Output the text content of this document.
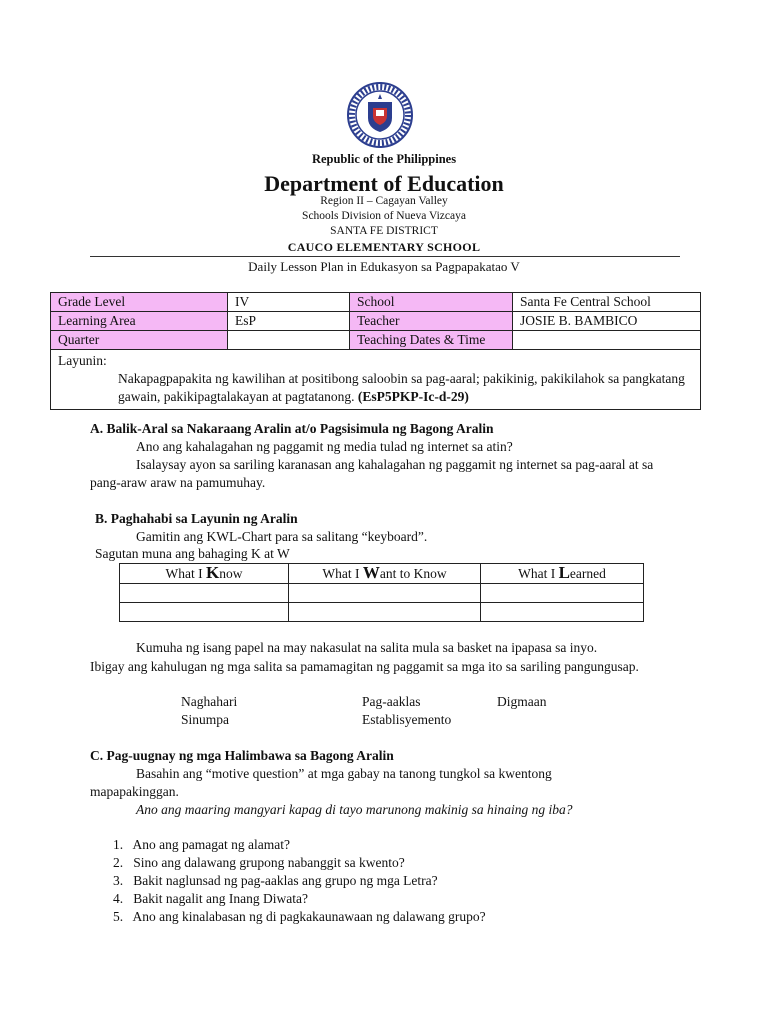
Republic of the Philippines
Department of Education
Region II – Cagayan Valley
Schools Division of Nueva Vizcaya
SANTA FE DISTRICT
CAUCO ELEMENTARY SCHOOL
Daily Lesson Plan in Edukasyon sa Pagpapakatao V
Grade Level	IV	School	Santa Fe Central School
Learning Area	EsP	Teacher	JOSIE B. BAMBICO
Quarter		Teaching Dates & Time	

Layunin:
Nakapagpapakita ng kawilihan at positibong saloobin sa pag-aaral; pakikinig, pakikilahok sa pangkatang gawain, pakikipagtalakayan at pagtatanong. (EsP5PKP-Ic-d-29)			
A. Balik-Aral sa Nakaraang Aralin at/o Pagsisimula ng Bagong Aralin
Ano ang kahalagahan ng paggamit ng media tulad ng internet sa atin?
Isalaysay ayon sa sariling karanasan ang kahalagahan ng paggamit ng internet sa pag-aaral at sa pang-araw araw na pamumuhay.
B. Paghahabi sa Layunin ng Aralin
Gamitin ang KWL-Chart para sa salitang “keyboard”.
Sagutan muna ang bahaging K at W
What I Know	What I Want to Know	What I Learned

Kumuha ng isang papel na may nakasulat na salita mula sa basket na ipapasa sa inyo.
Ibigay ang kahulugan ng mga salita sa pamamagitan ng paggamit sa mga ito sa sariling pangungusap.
Naghahari	Pag-aaklas	Digmaan
Sinumpa	Establisyemento
C. Pag-uugnay ng mga Halimbawa sa Bagong Aralin
Basahin ang “motive question” at mga gabay na tanong tungkol sa kwentong mapapakinggan.
Ano ang maaring mangyari kapag di tayo marunong makinig sa hinaing ng iba?
1.   Ano ang pamagat ng alamat?
2.   Sino ang dalawang grupong nabanggit sa kwento?
3.   Bakit naglunsad ng pag-aaklas ang grupo ng mga Letra?
4.   Bakit nagalit ang Inang Diwata?
5.   Ano ang kinalabasan ng di pagkakaunawaan ng dalawang grupo?
